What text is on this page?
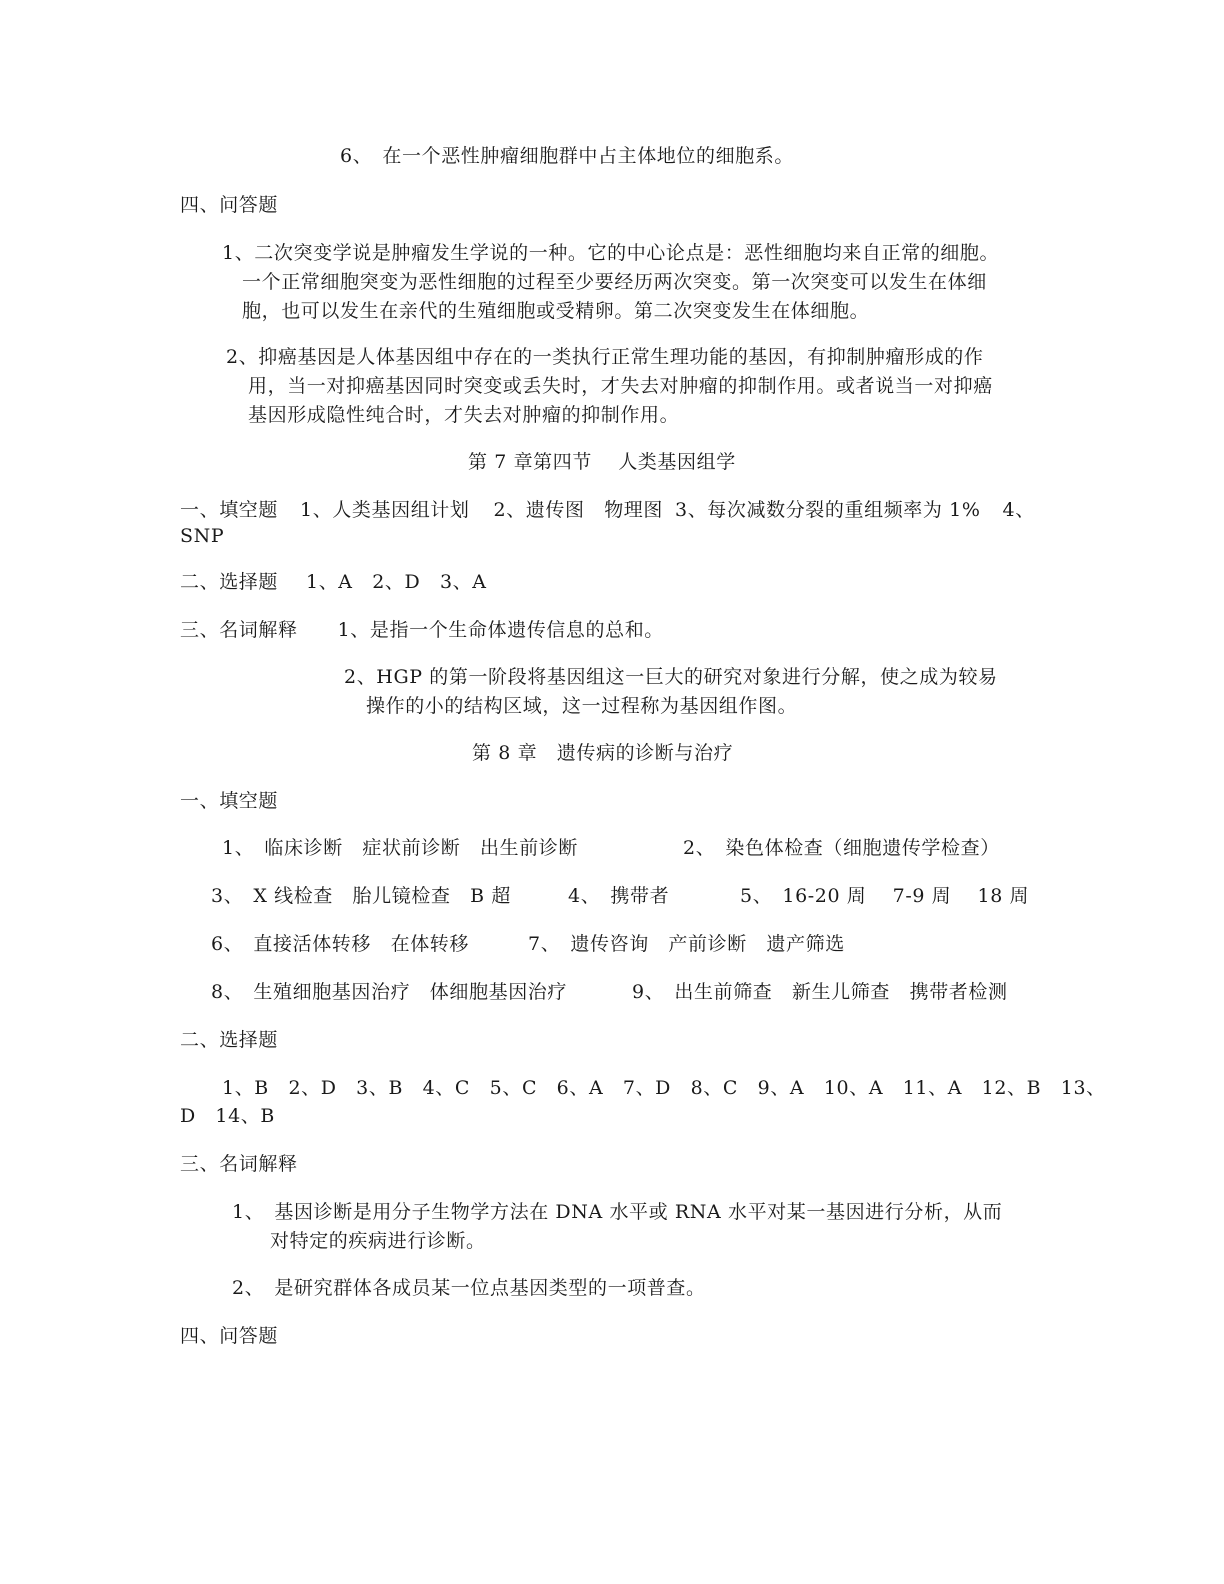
6、　在一个恶性肿瘤细胞群中占主体地位的细胞系。
四、问答题
1、二次突变学说是肿瘤发生学说的一种。它的中心论点是：恶性细胞均来自正常的细胞。
一个正常细胞突变为恶性细胞的过程至少要经历两次突变。第一次突变可以发生在体细
胞，也可以发生在亲代的生殖细胞或受精卵。第二次突变发生在体细胞。
2、抑癌基因是人体基因组中存在的一类执行正常生理功能的基因，有抑制肿瘤形成的作
用，当一对抑癌基因同时突变或丢失时，才失去对肿瘤的抑制作用。或者说当一对抑癌
基因形成隐性纯合时，才失去对肿瘤的抑制作用。
第 7 章第四节　 人类基因组学
一、填空题 1、人类基因组计划 2、遗传图　物理图 3、每次减数分裂的重组频率为 1% 4、
SNP
二、选择题 1、A　2、D　3、A
三、名词解释 1、是指一个生命体遗传信息的总和。
2、HGP 的第一阶段将基因组这一巨大的研究对象进行分解，使之成为较易
操作的小的结构区域，这一过程称为基因组作图。
第 8 章　遗传病的诊断与治疗
一、填空题
1、　临床诊断　症状前诊断　出生前诊断	2、　染色体检查（细胞遗传学检查）
3、　X 线检查　胎儿镜检查　B 超	4、　携带者	5、　16-20 周　 7-9 周　 18 周
6、　直接活体转移　在体转移	7、　遗传咨询　产前诊断　遗产筛选
8、　生殖细胞基因治疗　体细胞基因治疗	9、　出生前筛查　新生儿筛查　携带者检测
二、选择题
1、B　2、D　3、B　4、C　5、C　6、A　7、D　8、C　9、A　10、A　11、A　12、B　13、
D　14、B
三、名词解释
1、　基因诊断是用分子生物学方法在 DNA 水平或 RNA 水平对某一基因进行分析，从而
对特定的疾病进行诊断。
2、　是研究群体各成员某一位点基因类型的一项普查。
四、问答题
